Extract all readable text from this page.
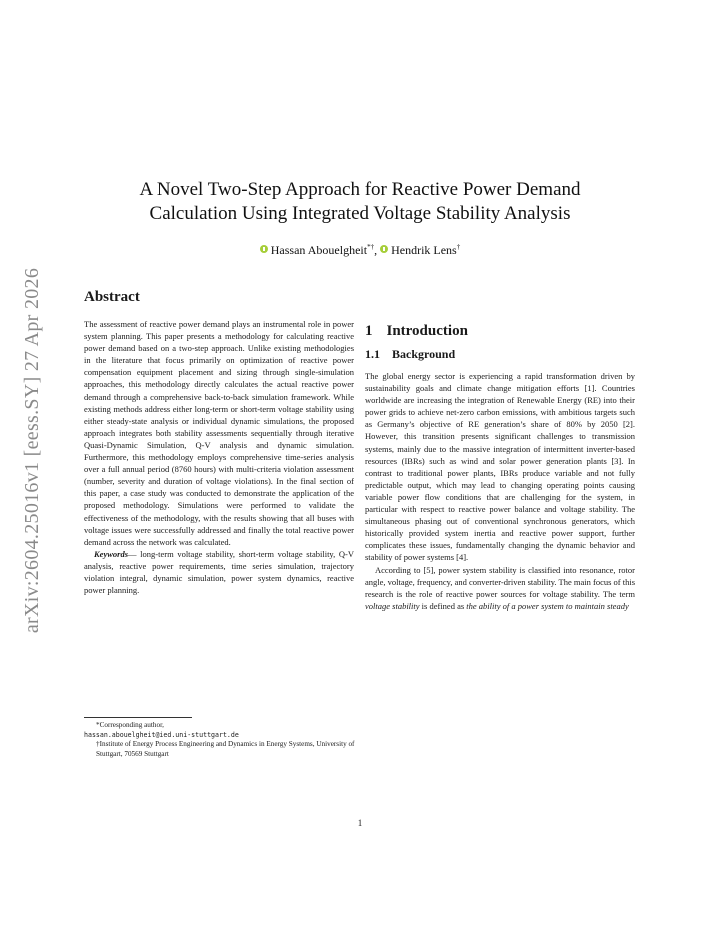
arXiv:2604.25016v1 [eess.SY] 27 Apr 2026
A Novel Two-Step Approach for Reactive Power Demand
Calculation Using Integrated Voltage Stability Analysis
Hassan Abouelgheit*†, Hendrik Lens†
Abstract

The assessment of reactive power demand plays an instrumental role in power system planning. This paper presents a methodology for calculating reactive power demand based on a two-step approach. Unlike existing methodologies in the literature that focus primarily on optimization of reactive power compensation equipment placement and sizing through single-simulation approaches, this methodology directly calculates the actual reactive power demand through a comprehensive back-to-back simulation framework. While existing methods address either long-term or short-term voltage stability using either steady-state analysis or individual dynamic simulations, the proposed approach integrates both stability assessments sequentially through iterative Quasi-Dynamic Simulation, Q-V analysis and dynamic simulation. Furthermore, this methodology employs comprehensive time-series analysis over a full annual period (8760 hours) with multi-criteria violation assessment (number, severity and duration of voltage violations). In the final section of this paper, a case study was conducted to demonstrate the application of the proposed methodology. Simulations were performed to validate the effectiveness of the methodology, with the results showing that all buses with voltage issues were successfully addressed and finally the total reactive power demand across the network was calculated.

Keywords— long-term voltage stability, short-term voltage stability, Q-V analysis, reactive power requirements, time series simulation, trajectory violation integral, dynamic simulation, power system dynamics, reactive power planning.

*Corresponding author,
hassan.abouelgheit@ied.uni-stuttgart.de
†Institute of Energy Process Engineering and Dynamics in Energy Systems, University of Stuttgart, 70569 Stuttgart
1 Introduction
1.1 Background

The global energy sector is experiencing a rapid transformation driven by sustainability goals and climate change mitigation efforts [1]. Countries worldwide are increasing the integration of Renewable Energy (RE) into their power grids to achieve net-zero carbon emissions, with ambitious targets such as Germany’s objective of RE generation’s share of 80% by 2050 [2]. However, this transition presents significant challenges to transmission systems, mainly due to the massive integration of intermittent inverter-based resources (IBRs) such as wind and solar power generation plants [3]. In contrast to traditional power plants, IBRs produce variable and not fully predictable output, which may lead to changing operating points causing variable power flow conditions that are challenging for the system, in particular with respect to reactive power balance and voltage stability. The simultaneous phasing out of conventional synchronous generators, which historically provided system inertia and reactive power support, further complicates these issues, fundamentally changing the dynamic behavior and stability of power systems [4].

According to [5], power system stability is classified into resonance, rotor angle, voltage, frequency, and converter-driven stability. The main focus of this research is the role of reactive power sources for voltage stability. The term voltage stability is defined as the ability of a power system to maintain steady

1
